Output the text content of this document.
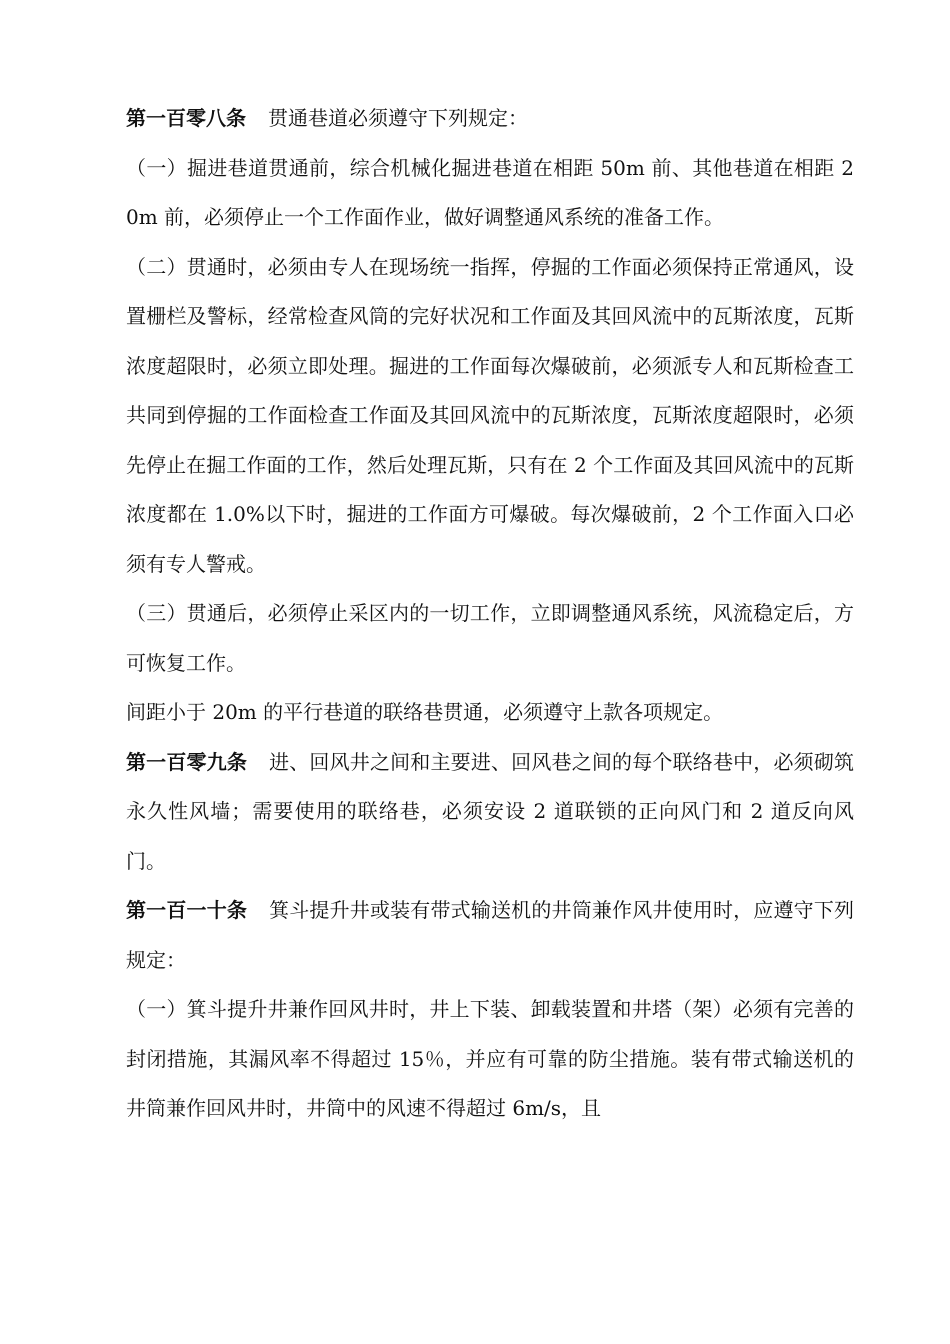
第一百零八条 贯通巷道必须遵守下列规定：

（一）掘进巷道贯通前，综合机械化掘进巷道在相距 50m 前、其他巷道在相距 20m 前，必须停止一个工作面作业，做好调整通风系统的准备工作。

（二）贯通时，必须由专人在现场统一指挥，停掘的工作面必须保持正常通风，设置栅栏及警标，经常检查风筒的完好状况和工作面及其回风流中的瓦斯浓度，瓦斯浓度超限时，必须立即处理。掘进的工作面每次爆破前，必须派专人和瓦斯检查工共同到停掘的工作面检查工作面及其回风流中的瓦斯浓度，瓦斯浓度超限时，必须先停止在掘工作面的工作，然后处理瓦斯，只有在 2 个工作面及其回风流中的瓦斯浓度都在 1.0%以下时，掘进的工作面方可爆破。每次爆破前，2 个工作面入口必须有专人警戒。

（三）贯通后，必须停止采区内的一切工作，立即调整通风系统，风流稳定后，方可恢复工作。

间距小于 20m 的平行巷道的联络巷贯通，必须遵守上款各项规定。

第一百零九条 进、回风井之间和主要进、回风巷之间的每个联络巷中，必须砌筑永久性风墙；需要使用的联络巷，必须安设 2 道联锁的正向风门和 2 道反向风门。

第一百一十条 箕斗提升井或装有带式输送机的井筒兼作风井使用时，应遵守下列规定：

（一）箕斗提升井兼作回风井时，井上下装、卸载装置和井塔（架）必须有完善的封闭措施，其漏风率不得超过 15％，并应有可靠的防尘措施。装有带式输送机的井筒兼作回风井时，井筒中的风速不得超过 6m/s，且
